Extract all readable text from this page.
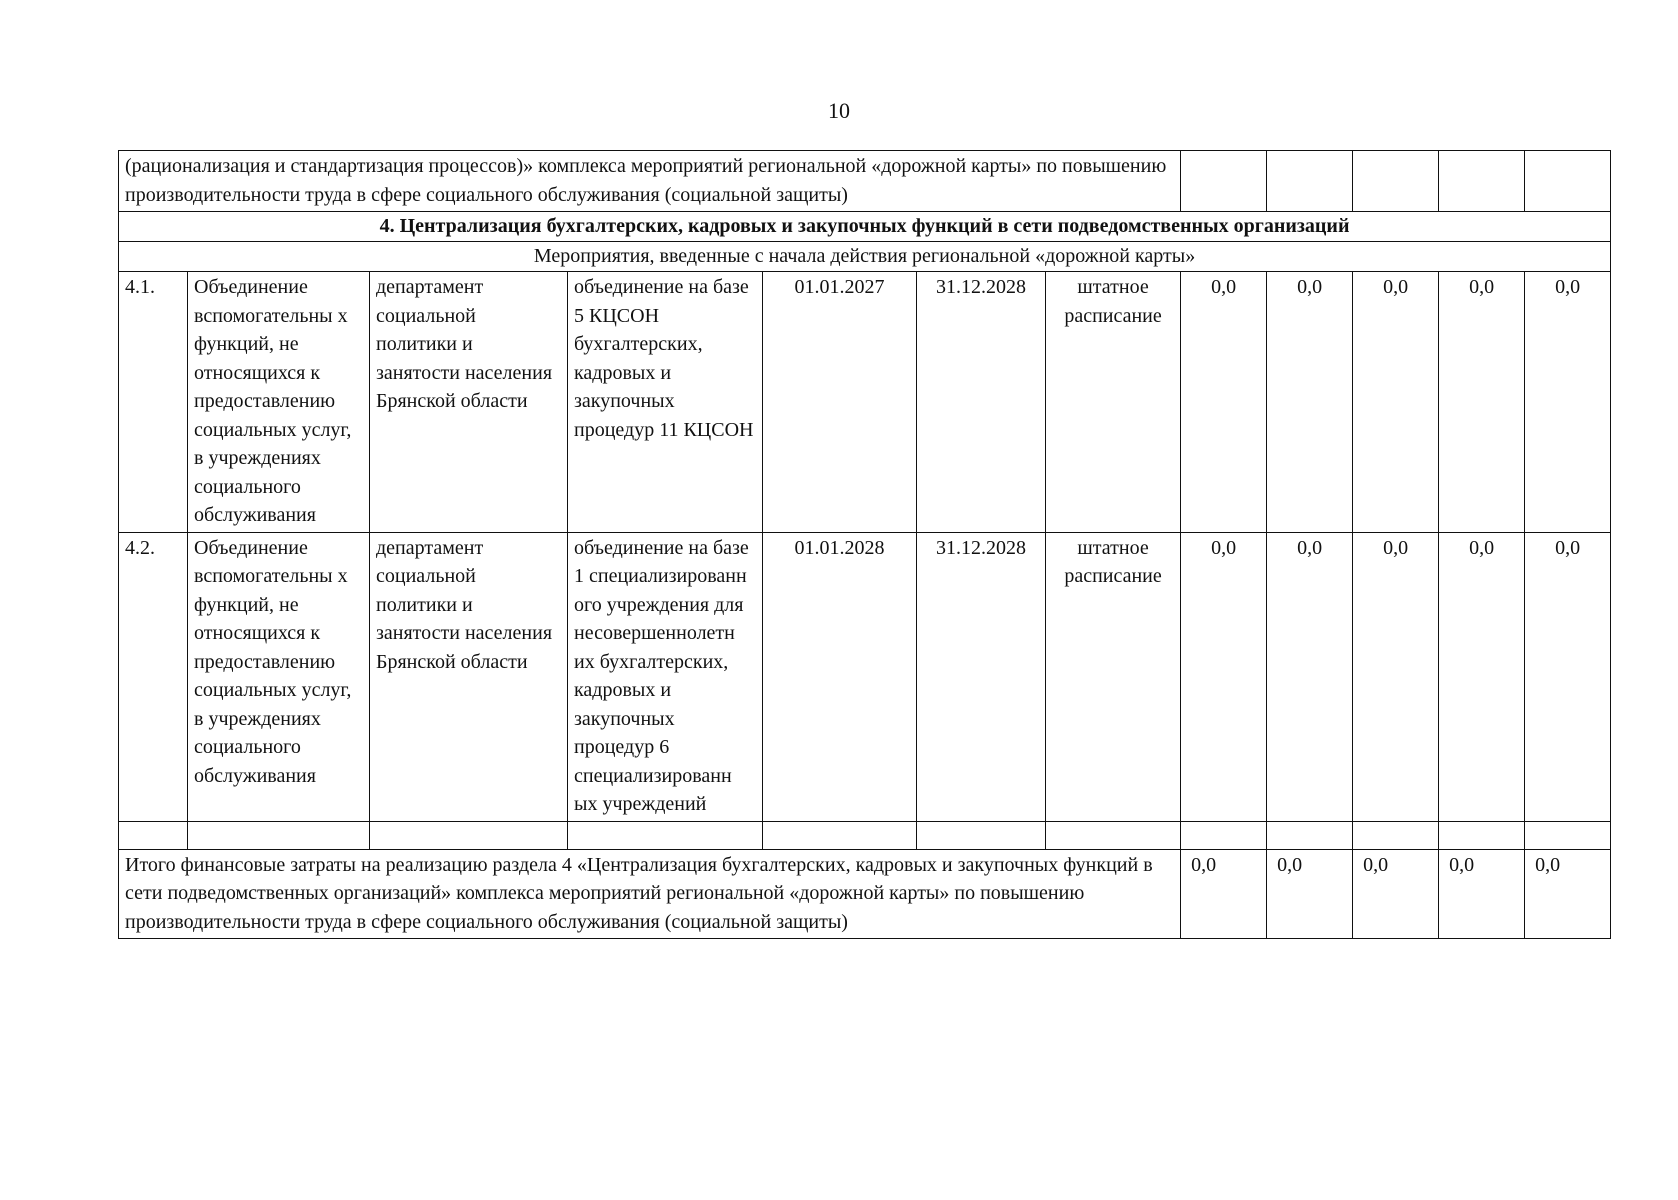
10
(рационализация и стандартизация процессов)» комплекса мероприятий региональной «дорожной карты» по повышению производительности труда в сфере социального обслуживания (социальной защиты)											
4. Централизация бухгалтерских, кадровых и закупочных функций в сети подведомственных организаций											
Мероприятия, введенные с начала действия региональной «дорожной карты»											
4.1.	Объединение вспомогательны х функций, не относящихся к предоставлению социальных услуг, в учреждениях социального обслуживания	департамент социальной политики и занятости населения Брянской области	объединение на базе 5 КЦСОН бухгалтерских, кадровых и закупочных процедур 11 КЦСОН	01.01.2027	31.12.2028	штатное расписание	0,0	0,0	0,0	0,0	0,0
4.2.	Объединение вспомогательны х функций, не относящихся к предоставлению социальных услуг, в учреждениях социального обслуживания	департамент социальной политики и занятости населения Брянской области	объединение на базе 1 специализированн ого учреждения для несовершеннолетн их бухгалтерских, кадровых и закупочных процедур 6 специализированн ых учреждений	01.01.2028	31.12.2028	штатное расписание	0,0	0,0	0,0	0,0	0,0

Итого финансовые затраты на реализацию раздела 4 «Централизация бухгалтерских, кадровых и закупочных функций в сети подведомственных организаций» комплекса мероприятий региональной «дорожной карты» по повышению производительности труда в сфере социального обслуживания (социальной защиты)							0,0	0,0	0,0	0,0	0,0
